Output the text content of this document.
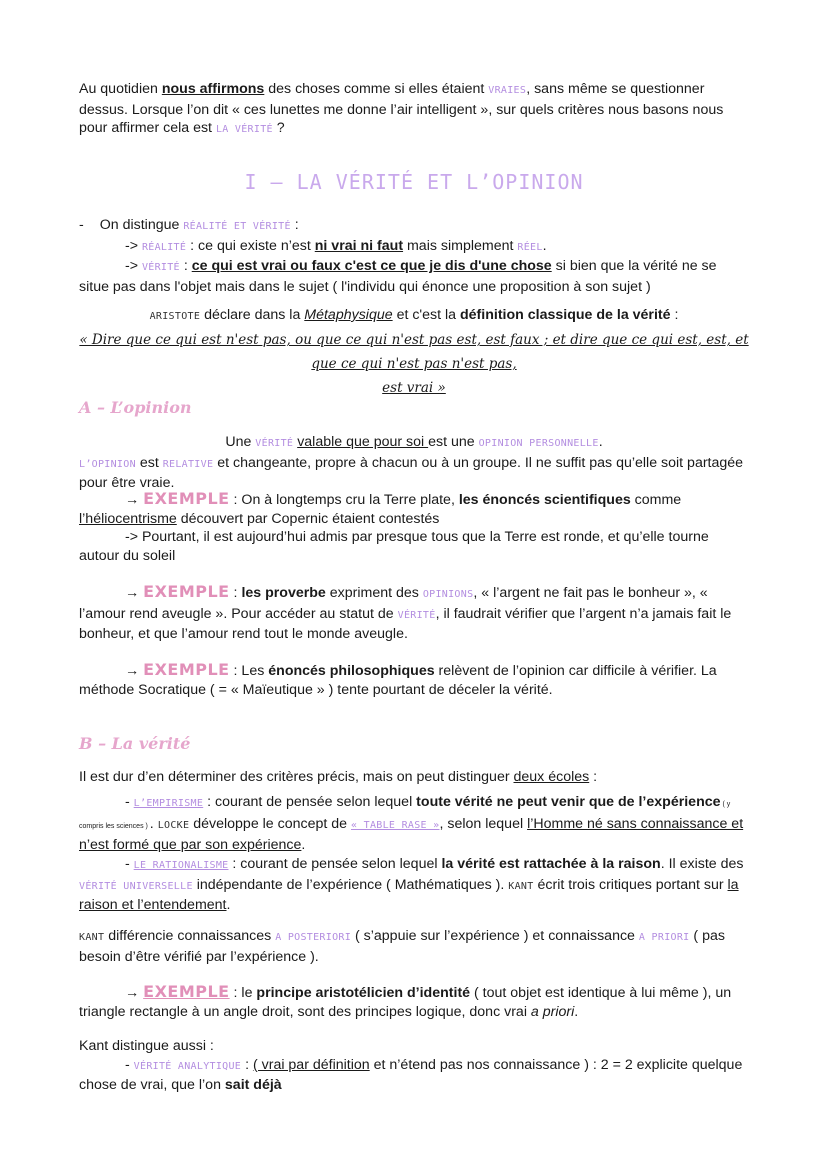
Au quotidien nous affirmons des choses comme si elles étaient VRAIES, sans même se questionner dessus. Lorsque l’on dit « ces lunettes me donne l’air intelligent », sur quels critères nous basons nous pour affirmer cela est LA VÉRITÉ ?
I — LA VÉRITÉ ET L’OPINION
- On distingue RÉALITÉ ET VÉRITÉ :
-> RÉALITÉ : ce qui existe n’est ni vrai ni faut mais simplement RÉEL.
-> VÉRITÉ : ce qui est vrai ou faux c'est ce que je dis d'une chose si bien que la vérité ne se situe pas dans l'objet mais dans le sujet ( l'individu qui énonce une proposition à son sujet )
ARISTOTE déclare dans la Métaphysique et c'est la définition classique de la vérité :
« Dire que ce qui est n'est pas, ou que ce qui n'est pas est, est faux ; et dire que ce qui est, est, et que ce qui n'est pas n'est pas,
est vrai »
A – L’opinion
Une VÉRITÉ valable que pour soi est une OPINION PERSONNELLE.
L’OPINION est RELATIVE et changeante, propre à chacun ou à un groupe. Il ne suffit pas qu’elle soit partagée pour être vraie.
→ EXEMPLE : On à longtemps cru la Terre plate, les énoncés scientifiques comme l’héliocentrisme découvert par Copernic étaient contestés
-> Pourtant, il est aujourd’hui admis par presque tous que la Terre est ronde, et qu’elle tourne autour du soleil
→ EXEMPLE : les proverbe expriment des OPINIONS, « l’argent ne fait pas le bonheur », « l’amour rend aveugle ». Pour accéder au statut de VÉRITÉ, il faudrait vérifier que l’argent n’a jamais fait le bonheur, et que l’amour rend tout le monde aveugle.
→ EXEMPLE : Les énoncés philosophiques relèvent de l’opinion car difficile à vérifier. La méthode Socratique ( = « Maïeutique » ) tente pourtant de déceler la vérité.
B – La vérité
Il est dur d’en déterminer des critères précis, mais on peut distinguer deux écoles :
- L’EMPIRISME : courant de pensée selon lequel toute vérité ne peut venir que de l’expérience ( y compris les sciences ) . LOCKE développe le concept de « TABLE RASE », selon lequel l’Homme né sans connaissance et n’est formé que par son expérience.
- LE RATIONALISME : courant de pensée selon lequel la vérité est rattachée à la raison. Il existe des VÉRITÉ UNIVERSELLE indépendante de l’expérience ( Mathématiques ). KANT écrit trois critiques portant sur la raison et l’entendement.
KANT différencie connaissances A POSTERIORI ( s’appuie sur l’expérience ) et connaissance A PRIORI ( pas besoin d’être vérifié par l’expérience ).
→ EXEMPLE : le principe aristotélicien d’identité ( tout objet est identique à lui même ), un triangle rectangle à un angle droit, sont des principes logique, donc vrai a priori.
Kant distingue aussi :
- VÉRITÉ ANALYTIQUE : ( vrai par définition et n’étend pas nos connaissance ) : 2 = 2 explicite quelque chose de vrai, que l’on sait déjà
